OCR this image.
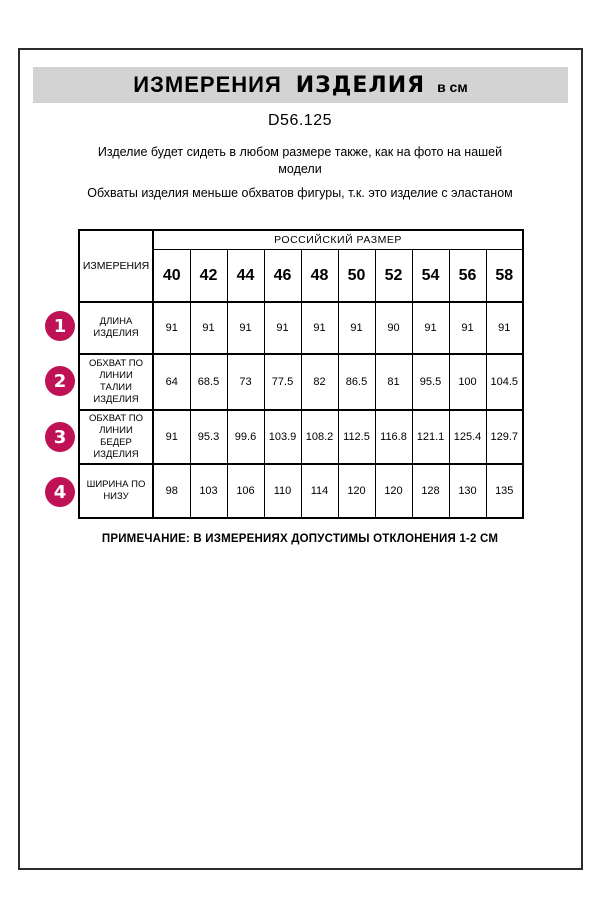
ИЗМЕРЕНИЯ ИЗДЕЛИЯ в см
D56.125

Изделие будет сидеть в любом размере также, как на фото на нашей модели

Обхваты изделия меньше обхватов фигуры, т.к. это изделие с эластаном

1
2
3
4
ИЗМЕРЕНИЯ	РОССИЙСКИЙ РАЗМЕР									
	40	42	44	46	48	50	52	54	56	58
ДЛИНА ИЗДЕЛИЯ	91	91	91	91	91	91	90	91	91	91
ОБХВАТ ПО ЛИНИИ ТАЛИИ ИЗДЕЛИЯ	64	68.5	73	77.5	82	86.5	81	95.5	100	104.5
ОБХВАТ ПО ЛИНИИ БЕДЕР ИЗДЕЛИЯ	91	95.3	99.6	103.9	108.2	112.5	116.8	121.1	125.4	129.7
ШИРИНА ПО НИЗУ	98	103	106	110	114	120	120	128	130	135
ПРИМЕЧАНИЕ: В ИЗМЕРЕНИЯХ ДОПУСТИМЫ ОТКЛОНЕНИЯ 1-2 СМ
